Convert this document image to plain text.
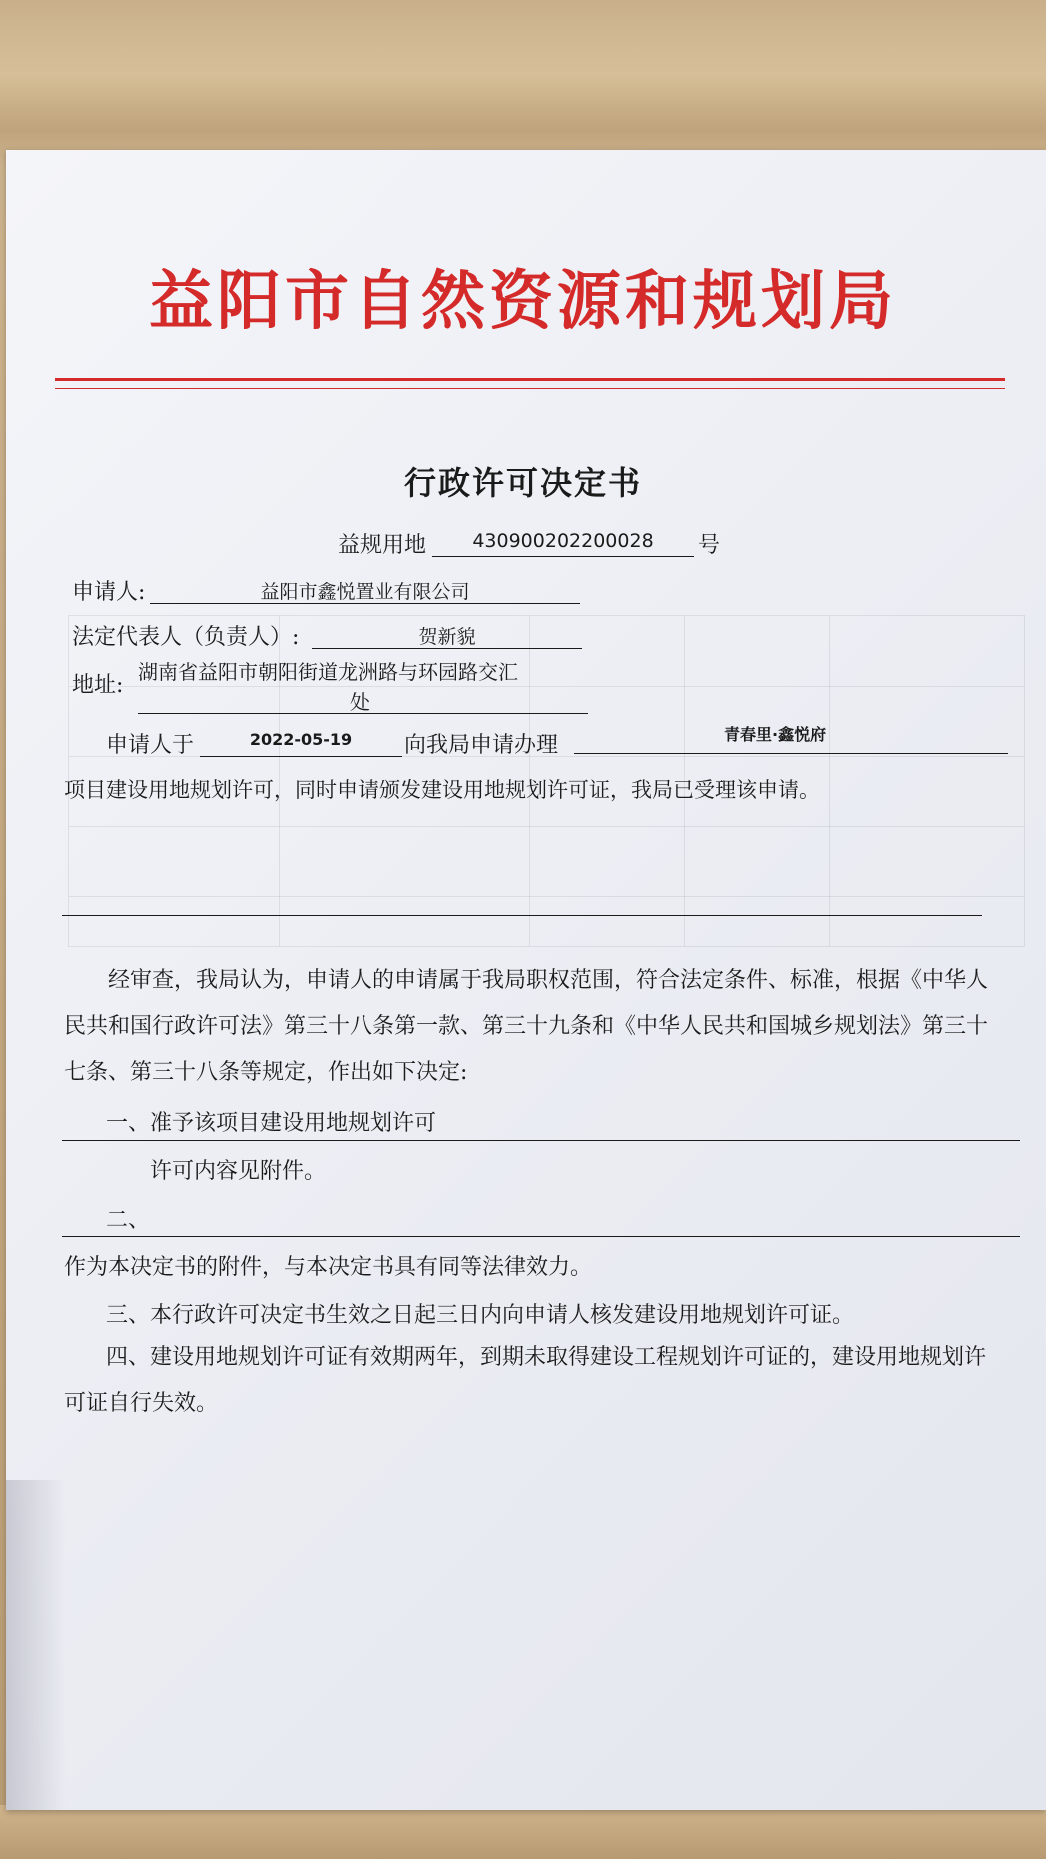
益阳市自然资源和规划局
行政许可决定书
益规用地	430900202200028	号
申请人:	益阳市鑫悦置业有限公司
法定代表人（负责人）:	贺新貌
地址:
湖南省益阳市朝阳街道龙洲路与环园路交汇
处
申请人于	2022-05-19	向我局申请办理	青春里·鑫悦府
项目建设用地规划许可，同时申请颁发建设用地规划许可证，我局已受理该申请。
经审查，我局认为，申请人的申请属于我局职权范围，符合法定条件、标准，根据《中华人民共和国行政许可法》第三十八条第一款、第三十九条和《中华人民共和国城乡规划法》第三十七条、第三十八条等规定，作出如下决定:
一、准予该项目建设用地规划许可
许可内容见附件。
二、
作为本决定书的附件，与本决定书具有同等法律效力。
三、本行政许可决定书生效之日起三日内向申请人核发建设用地规划许可证。
四、建设用地规划许可证有效期两年，到期未取得建设工程规划许可证的，建设用地规划许可证自行失效。
